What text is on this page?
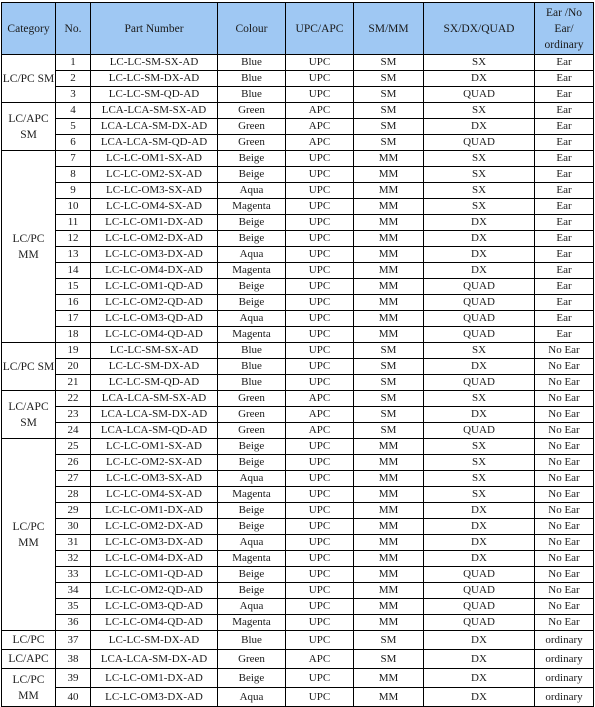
Category	No.	Part Number	Colour	UPC/APC	SM/MM	SX/DX/QUAD	Ear /No Ear/ ordinary

LC/PC SM	1	LC-LC-SM-SX-AD	Blue	UPC	SM	SX	Ear
	2	LC-LC-SM-DX-AD	Blue	UPC	SM	DX	Ear
	3	LC-LC-SM-QD-AD	Blue	UPC	SM	QUAD	Ear

LC/APC SM	4	LCA-LCA-SM-SX-AD	Green	APC	SM	SX	Ear
	5	LCA-LCA-SM-DX-AD	Green	APC	SM	DX	Ear
	6	LCA-LCA-SM-QD-AD	Green	APC	SM	QUAD	Ear

LC/PC MM	7	LC-LC-OM1-SX-AD	Beige	UPC	MM	SX	Ear
	8	LC-LC-OM2-SX-AD	Beige	UPC	MM	SX	Ear
	9	LC-LC-OM3-SX-AD	Aqua	UPC	MM	SX	Ear
	10	LC-LC-OM4-SX-AD	Magenta	UPC	MM	SX	Ear
	11	LC-LC-OM1-DX-AD	Beige	UPC	MM	DX	Ear
	12	LC-LC-OM2-DX-AD	Beige	UPC	MM	DX	Ear
	13	LC-LC-OM3-DX-AD	Aqua	UPC	MM	DX	Ear
	14	LC-LC-OM4-DX-AD	Magenta	UPC	MM	DX	Ear
	15	LC-LC-OM1-QD-AD	Beige	UPC	MM	QUAD	Ear
	16	LC-LC-OM2-QD-AD	Beige	UPC	MM	QUAD	Ear
	17	LC-LC-OM3-QD-AD	Aqua	UPC	MM	QUAD	Ear
	18	LC-LC-OM4-QD-AD	Magenta	UPC	MM	QUAD	Ear

LC/PC SM	19	LC-LC-SM-SX-AD	Blue	UPC	SM	SX	No Ear
	20	LC-LC-SM-DX-AD	Blue	UPC	SM	DX	No Ear
	21	LC-LC-SM-QD-AD	Blue	UPC	SM	QUAD	No Ear

LC/APC SM	22	LCA-LCA-SM-SX-AD	Green	APC	SM	SX	No Ear
	23	LCA-LCA-SM-DX-AD	Green	APC	SM	DX	No Ear
	24	LCA-LCA-SM-QD-AD	Green	APC	SM	QUAD	No Ear

LC/PC MM	25	LC-LC-OM1-SX-AD	Beige	UPC	MM	SX	No Ear
	26	LC-LC-OM2-SX-AD	Beige	UPC	MM	SX	No Ear
	27	LC-LC-OM3-SX-AD	Aqua	UPC	MM	SX	No Ear
	28	LC-LC-OM4-SX-AD	Magenta	UPC	MM	SX	No Ear
	29	LC-LC-OM1-DX-AD	Beige	UPC	MM	DX	No Ear
	30	LC-LC-OM2-DX-AD	Beige	UPC	MM	DX	No Ear
	31	LC-LC-OM3-DX-AD	Aqua	UPC	MM	DX	No Ear
	32	LC-LC-OM4-DX-AD	Magenta	UPC	MM	DX	No Ear
	33	LC-LC-OM1-QD-AD	Beige	UPC	MM	QUAD	No Ear
	34	LC-LC-OM2-QD-AD	Beige	UPC	MM	QUAD	No Ear
	35	LC-LC-OM3-QD-AD	Aqua	UPC	MM	QUAD	No Ear
	36	LC-LC-OM4-QD-AD	Magenta	UPC	MM	QUAD	No Ear

LC/PC	37	LC-LC-SM-DX-AD	Blue	UPC	SM	DX	ordinary

LC/APC	38	LCA-LCA-SM-DX-AD	Green	APC	SM	DX	ordinary

LC/PC MM	39	LC-LC-OM1-DX-AD	Beige	UPC	MM	DX	ordinary
	40	LC-LC-OM3-DX-AD	Aqua	UPC	MM	DX	ordinary
